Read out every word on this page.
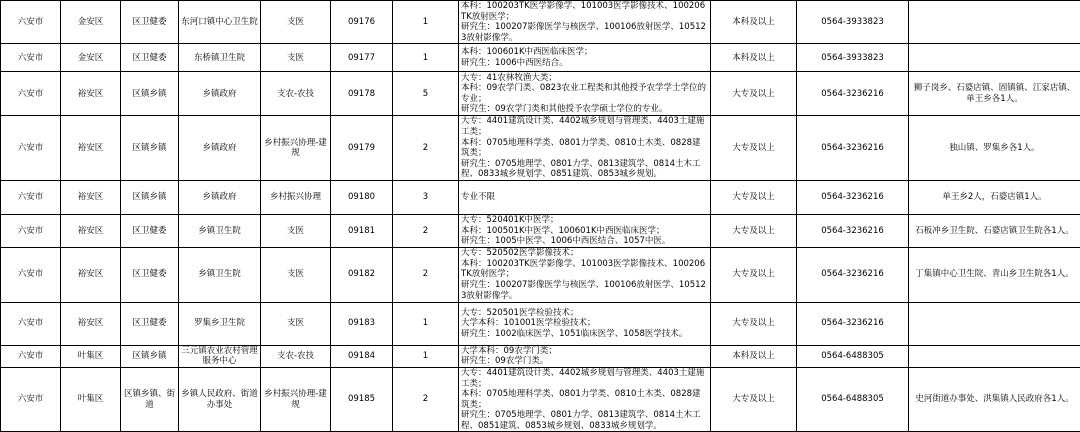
六安市	金安区	区卫健委	东河口镇中心卫生院	支医	09176	1	本科：100203TK医学影像学、101003医学影像技术、100206TK放射医学；
研究生：100207影像医学与核医学、100106放射医学、105123放射影像学。	本科及以上	0564-3933823	
六安市	金安区	区卫健委	东桥镇卫生院	支医	09177	1	本科：100601K中西医临床医学；
研究生：1006中西医结合。	本科及以上	0564-3933823	
六安市	裕安区	区镇乡镇	乡镇政府	支农-农技	09178	5	大专：41农林牧渔大类；
本科：09农学门类、0823农业工程类和其他授予农学学士学位的专业；
研究生：09农学门类和其他授予农学硕士学位的专业。	大专及以上	0564-3236216	狮子岗乡、石婆店镇、固镇镇、江家店镇、单王乡各1人。
六安市	裕安区	区镇乡镇	乡镇政府	乡村振兴协理-建规	09179	2	大专：4401建筑设计类、4402城乡规划与管理类、4403土建施工类；
本科：0705地理科学类、0801力学类、0810土木类、0828建筑类；
研究生：0705地理学、0801力学、0813建筑学、0814土木工程、0833城乡规划学、0851建筑、0853城乡规划。	大专及以上	0564-3236216	独山镇、罗集乡各1人。
六安市	裕安区	区镇乡镇	乡镇政府	乡村振兴协理	09180	3	专业不限	大专及以上	0564-3236216	单王乡2人，石婆店镇1人。
六安市	裕安区	区卫健委	乡镇卫生院	支医	09181	2	大专：520401K中医学；
本科：100501K中医学、100601K中西医临床医学；
研究生：1005中医学、1006中西医结合、1057中医。	大专及以上	0564-3236216	石板冲乡卫生院、石婆店镇卫生院各1人。
六安市	裕安区	区卫健委	乡镇卫生院	支医	09182	2	大专：520502医学影像技术；
本科：100203TK医学影像学、101003医学影像技术、100206TK放射医学；
研究生：100207影像医学与核医学、100106放射医学、105123放射影像学。	大专及以上	0564-3236216	丁集镇中心卫生院、青山乡卫生院各1人。
六安市	裕安区	区卫健委	罗集乡卫生院	支医	09183	1	大专：520501医学检验技术；
大学本科：101001医学检验技术；
研究生：1002临床医学、1051临床医学、1058医学技术。	大专及以上	0564-3236216	
六安市	叶集区	区镇乡镇	三元镇农业农村管理服务中心	支农-农技	09184	1	大学本科：09农学门类；
研究生：09农学门类。	本科及以上	0564-6488305	
六安市	叶集区	区镇乡镇、街道	乡镇人民政府、街道办事处	乡村振兴协理-建规	09185	2	大专：4401建筑设计类、4402城乡规划与管理类、4403土建施工类；
本科：0705地理科学类、0801力学类、0810土木类、0828建筑类；
研究生：0705地理学、0801力学、0813建筑学、0814土木工程、0851建筑、0853城乡规划、0833城乡规划学。	大专及以上	0564-6488305	史河街道办事处、洪集镇人民政府各1人。
